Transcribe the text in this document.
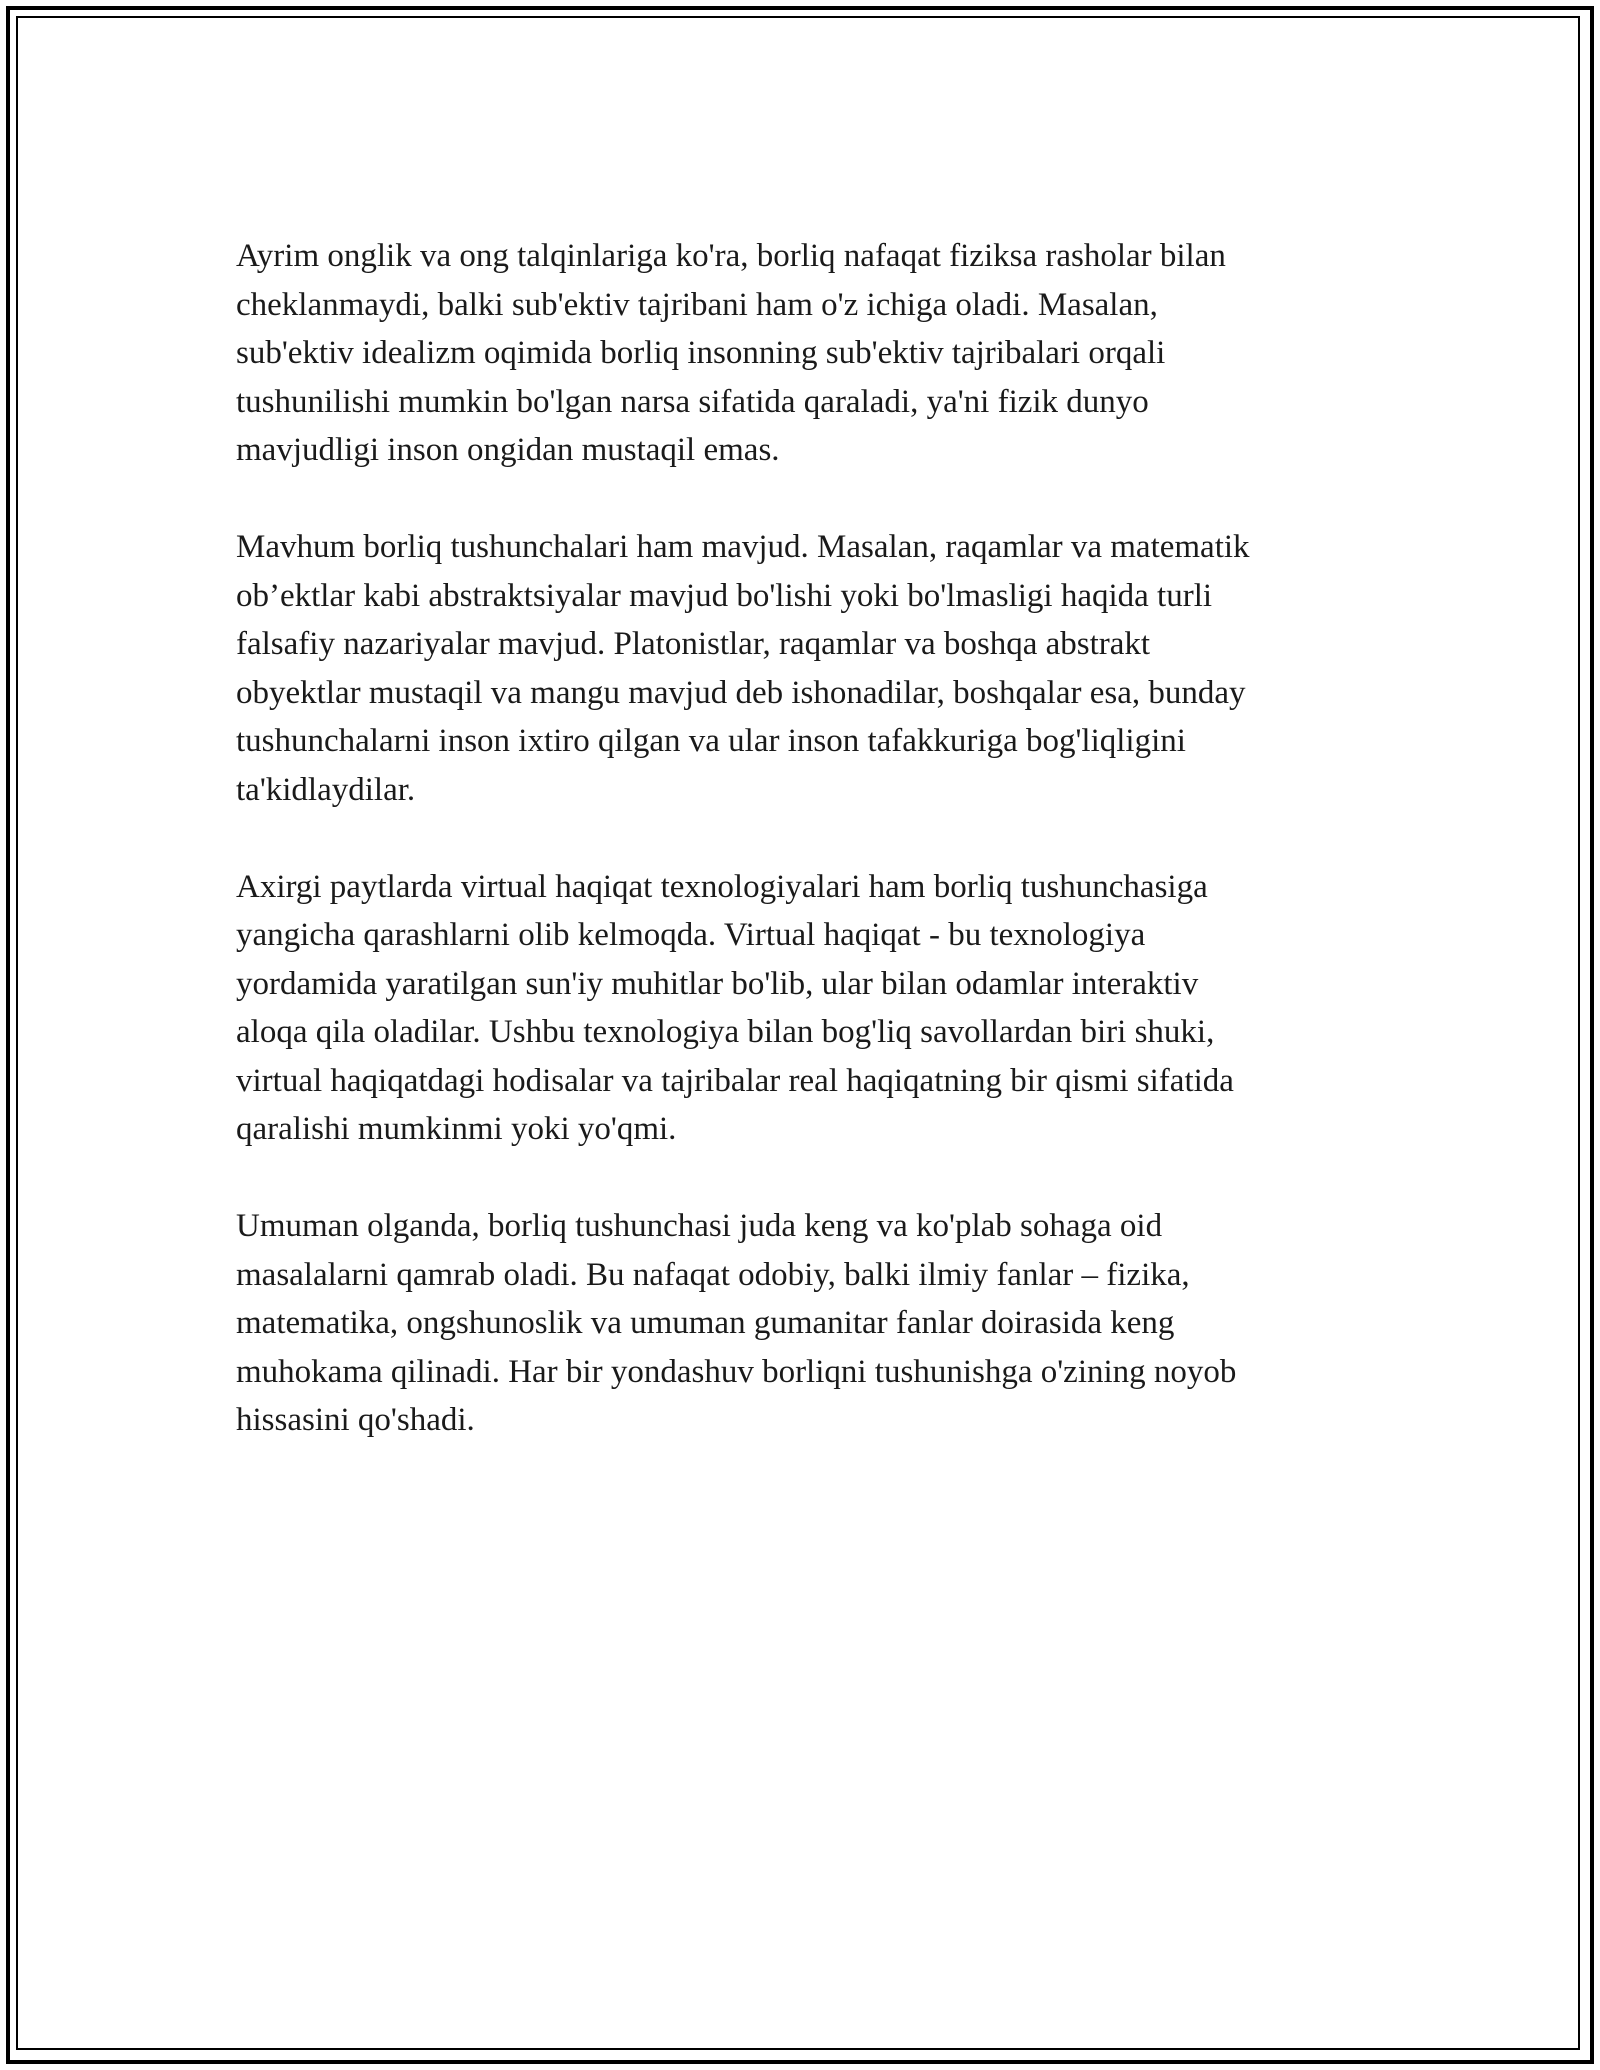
Ayrim onglik va ong talqinlariga ko'ra, borliq nafaqat fiziksa rasholar bilan
cheklanmaydi, balki sub'ektiv tajribani ham o'z ichiga oladi. Masalan,
sub'ektiv idealizm oqimida borliq insonning sub'ektiv tajribalari orqali
tushunilishi mumkin bo'lgan narsa sifatida qaraladi, ya'ni fizik dunyo
mavjudligi inson ongidan mustaqil emas.

Mavhum borliq tushunchalari ham mavjud. Masalan, raqamlar va matematik
ob’ektlar kabi abstraktsiyalar mavjud bo'lishi yoki bo'lmasligi haqida turli
falsafiy nazariyalar mavjud. Platonistlar, raqamlar va boshqa abstrakt
obyektlar mustaqil va mangu mavjud deb ishonadilar, boshqalar esa, bunday
tushunchalarni inson ixtiro qilgan va ular inson tafakkuriga bog'liqligini
ta'kidlaydilar.

Axirgi paytlarda virtual haqiqat texnologiyalari ham borliq tushunchasiga
yangicha qarashlarni olib kelmoqda. Virtual haqiqat - bu texnologiya
yordamida yaratilgan sun'iy muhitlar bo'lib, ular bilan odamlar interaktiv
aloqa qila oladilar. Ushbu texnologiya bilan bog'liq savollardan biri shuki,
virtual haqiqatdagi hodisalar va tajribalar real haqiqatning bir qismi sifatida
qaralishi mumkinmi yoki yo'qmi.

Umuman olganda, borliq tushunchasi juda keng va ko'plab sohaga oid
masalalarni qamrab oladi. Bu nafaqat odobiy, balki ilmiy fanlar – fizika,
matematika, ongshunoslik va umuman gumanitar fanlar doirasida keng
muhokama qilinadi. Har bir yondashuv borliqni tushunishga o'zining noyob
hissasini qo'shadi.
